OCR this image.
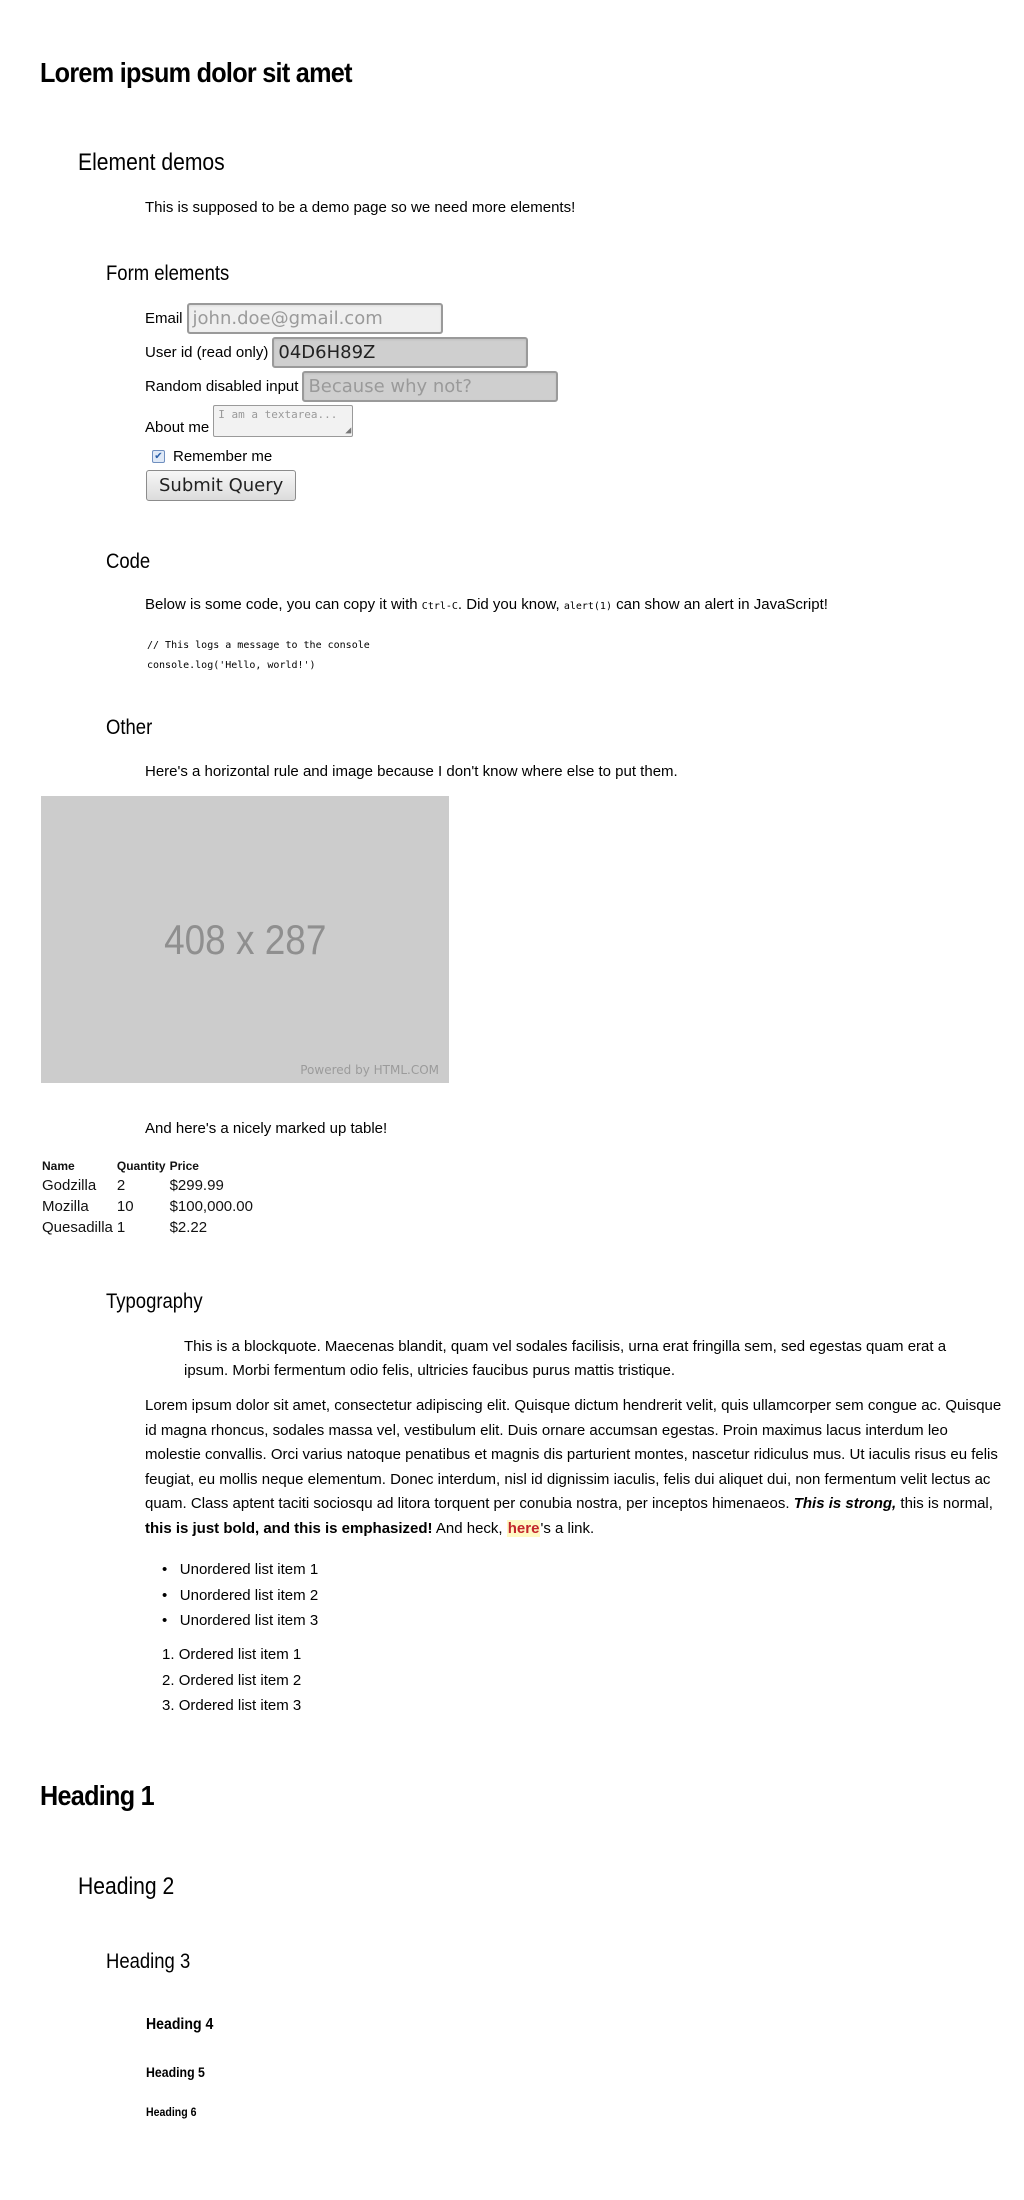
Lorem ipsum dolor sit amet
Element demos
This is supposed to be a demo page so we need more elements!
Form elements
Email john.doe@gmail.com
User id (read only) 04D6H89Z
Random disabled input Because why not?
About me
I am a textarea...
◢
✔ Remember me
Submit Query
Code
Below is some code, you can copy it with Ctrl-C. Did you know, alert(1) can show an alert in JavaScript!
// This logs a message to the console
console.log('Hello, world!')
Other
Here's a horizontal rule and image because I don't know where else to put them.
408 x 287
Powered by HTML.COM
And here's a nicely marked up table!
Name	Quantity	Price
Godzilla	2	$299.99
Mozilla	10	$100,000.00
Quesadilla	1	$2.22
Typography
This is a blockquote. Maecenas blandit, quam vel sodales facilisis, urna erat fringilla sem, sed egestas quam erat a ipsum. Morbi fermentum odio felis, ultricies faucibus purus mattis tristique.
Lorem ipsum dolor sit amet, consectetur adipiscing elit. Quisque dictum hendrerit velit, quis ullamcorper sem congue ac. Quisque id magna rhoncus, sodales massa vel, vestibulum elit. Duis ornare accumsan egestas. Proin maximus lacus interdum leo molestie convallis. Orci varius natoque penatibus et magnis dis parturient montes, nascetur ridiculus mus. Ut iaculis risus eu felis feugiat, eu mollis neque elementum. Donec interdum, nisl id dignissim iaculis, felis dui aliquet dui, non fermentum velit lectus ac quam. Class aptent taciti sociosqu ad litora torquent per conubia nostra, per inceptos himenaeos. This is strong, this is normal, this is just bold, and this is emphasized! And heck, here's a link.
•   Unordered list item 1
•   Unordered list item 2
•   Unordered list item 3
1. Ordered list item 1
2. Ordered list item 2
3. Ordered list item 3
Heading 1
Heading 2
Heading 3
Heading 4
Heading 5
Heading 6
